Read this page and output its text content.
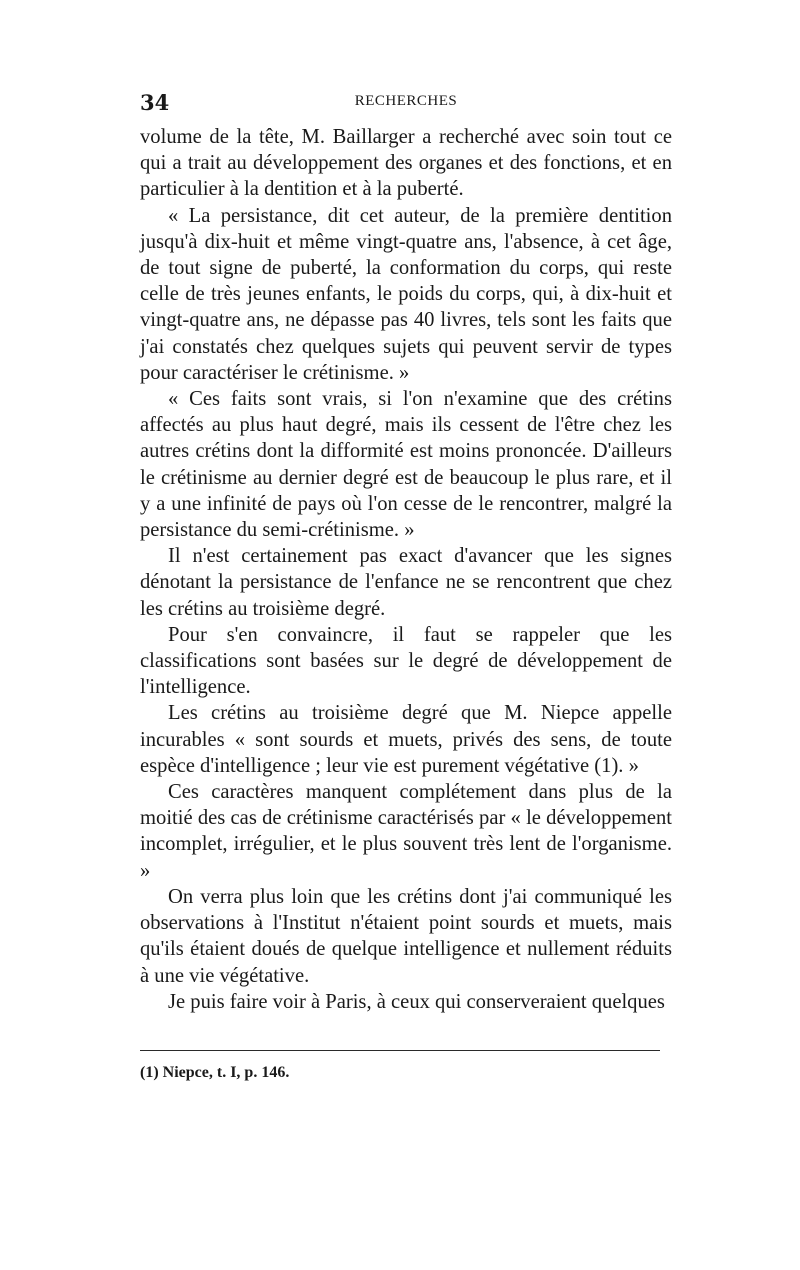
34	RECHERCHES

volume de la tête, M. Baillarger a recherché avec soin tout ce qui a trait au développement des organes et des fonctions, et en particulier à la dentition et à la puberté.

« La persistance, dit cet auteur, de la première dentition jusqu'à dix-huit et même vingt-quatre ans, l'absence, à cet âge, de tout signe de puberté, la conformation du corps, qui reste celle de très jeunes enfants, le poids du corps, qui, à dix-huit et vingt-quatre ans, ne dépasse pas 40 livres, tels sont les faits que j'ai constatés chez quelques sujets qui peuvent servir de types pour caractériser le crétinisme. »

« Ces faits sont vrais, si l'on n'examine que des crétins affectés au plus haut degré, mais ils cessent de l'être chez les autres crétins dont la difformité est moins prononcée. D'ailleurs le crétinisme au dernier degré est de beaucoup le plus rare, et il y a une infinité de pays où l'on cesse de le rencontrer, malgré la persistance du semi-crétinisme. »

Il n'est certainement pas exact d'avancer que les signes dénotant la persistance de l'enfance ne se rencontrent que chez les crétins au troisième degré.

Pour s'en convaincre, il faut se rappeler que les classifications sont basées sur le degré de développement de l'intelligence.

Les crétins au troisième degré que M. Niepce appelle incurables « sont sourds et muets, privés des sens, de toute espèce d'intelligence ; leur vie est purement végétative (1). »

Ces caractères manquent complétement dans plus de la moitié des cas de crétinisme caractérisés par « le développement incomplet, irrégulier, et le plus souvent très lent de l'organisme. »

On verra plus loin que les crétins dont j'ai communiqué les observations à l'Institut n'étaient point sourds et muets, mais qu'ils étaient doués de quelque intelligence et nullement réduits à une vie végétative.

Je puis faire voir à Paris, à ceux qui conserveraient quelques

(1) Niepce, t. I, p. 146.
